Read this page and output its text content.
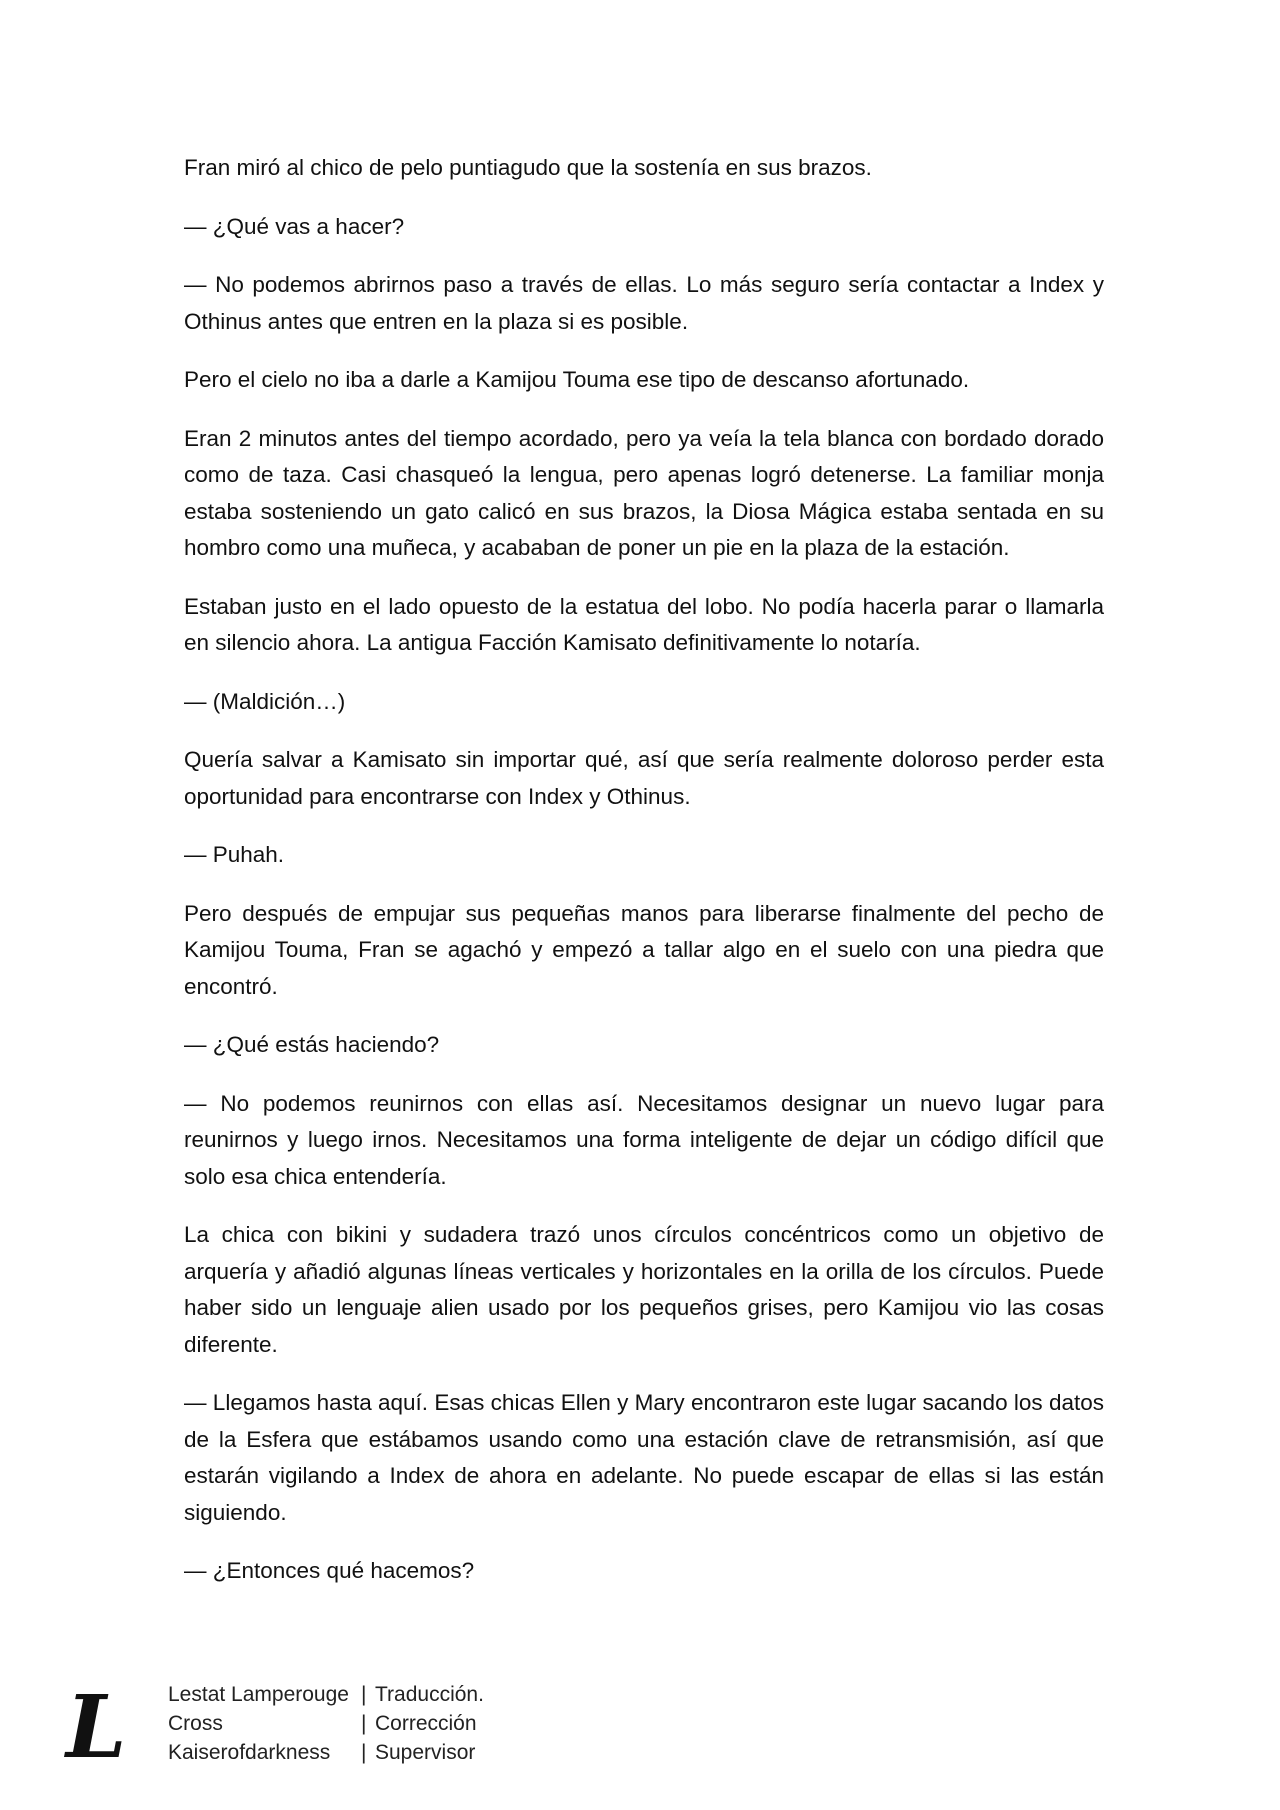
Fran miró al chico de pelo puntiagudo que la sostenía en sus brazos.

— ¿Qué vas a hacer?

— No podemos abrirnos paso a través de ellas. Lo más seguro sería contactar a Index y Othinus antes que entren en la plaza si es posible.

Pero el cielo no iba a darle a Kamijou Touma ese tipo de descanso afortunado.

Eran 2 minutos antes del tiempo acordado, pero ya veía la tela blanca con bordado dorado como de taza. Casi chasqueó la lengua, pero apenas logró detenerse. La familiar monja estaba sosteniendo un gato calicó en sus brazos, la Diosa Mágica estaba sentada en su hombro como una muñeca, y acababan de poner un pie en la plaza de la estación.

Estaban justo en el lado opuesto de la estatua del lobo. No podía hacerla parar o llamarla en silencio ahora. La antigua Facción Kamisato definitivamente lo notaría.

— (Maldición…)

Quería salvar a Kamisato sin importar qué, así que sería realmente doloroso perder esta oportunidad para encontrarse con Index y Othinus.

— Puhah.

Pero después de empujar sus pequeñas manos para liberarse finalmente del pecho de Kamijou Touma, Fran se agachó y empezó a tallar algo en el suelo con una piedra que encontró.

— ¿Qué estás haciendo?

— No podemos reunirnos con ellas así. Necesitamos designar un nuevo lugar para reunirnos y luego irnos. Necesitamos una forma inteligente de dejar un código difícil que solo esa chica entendería.

La chica con bikini y sudadera trazó unos círculos concéntricos como un objetivo de arquería y añadió algunas líneas verticales y horizontales en la orilla de los círculos. Puede haber sido un lenguaje alien usado por los pequeños grises, pero Kamijou vio las cosas diferente.

— Llegamos hasta aquí. Esas chicas Ellen y Mary encontraron este lugar sacando los datos de la Esfera que estábamos usando como una estación clave de retransmisión, así que estarán vigilando a Index de ahora en adelante. No puede escapar de ellas si las están siguiendo.

— ¿Entonces qué hacemos?

L	Lestat Lamperouge | Traducción.
Cross	| Corrección
Kaiserofdarkness	| Supervisor
